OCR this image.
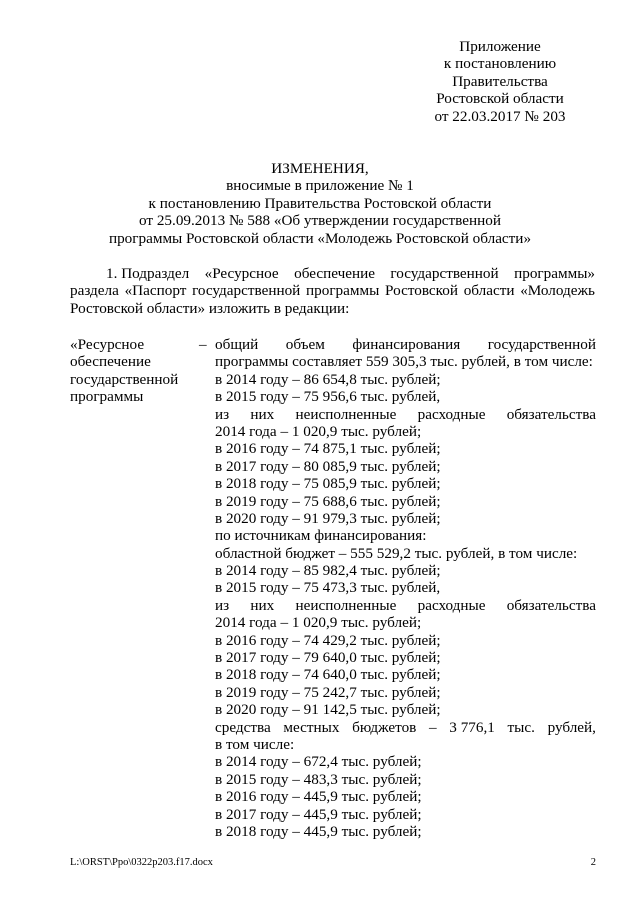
Приложение
к постановлению
Правительства
Ростовской области
от 22.03.2017 № 203
ИЗМЕНЕНИЯ,
вносимые в приложение № 1
к постановлению Правительства Ростовской области
от 25.09.2013 № 588 «Об утверждении государственной
программы Ростовской области «Молодежь Ростовской области»
1. Подраздел «Ресурсное обеспечение государственной программы»
раздела «Паспорт государственной программы Ростовской области «Молодежь
Ростовской области» изложить в редакции:
«Ресурсное
обеспечение
государственной
программы
– общий объем финансирования государственной
программы составляет 559 305,3 тыс. рублей, в том числе:
в 2014 году – 86 654,8 тыс. рублей;
в 2015 году – 75 956,6 тыс. рублей,
из них неисполненные расходные обязательства
2014 года – 1 020,9 тыс. рублей;
в 2016 году – 74 875,1 тыс. рублей;
в 2017 году – 80 085,9 тыс. рублей;
в 2018 году – 75 085,9 тыс. рублей;
в 2019 году – 75 688,6 тыс. рублей;
в 2020 году – 91 979,3 тыс. рублей;
по источникам финансирования:
областной бюджет – 555 529,2 тыс. рублей, в том числе:
в 2014 году – 85 982,4 тыс. рублей;
в 2015 году – 75 473,3 тыс. рублей,
из них неисполненные расходные обязательства
2014 года – 1 020,9 тыс. рублей;
в 2016 году – 74 429,2 тыс. рублей;
в 2017 году – 79 640,0 тыс. рублей;
в 2018 году – 74 640,0 тыс. рублей;
в 2019 году – 75 242,7 тыс. рублей;
в 2020 году – 91 142,5 тыс. рублей;
средства местных бюджетов – 3 776,1 тыс. рублей,
в том числе:
в 2014 году – 672,4 тыс. рублей;
в 2015 году – 483,3 тыс. рублей;
в 2016 году – 445,9 тыс. рублей;
в 2017 году – 445,9 тыс. рублей;
в 2018 году – 445,9 тыс. рублей;
L:\ORST\Ppo\0322p203.f17.docx	2
